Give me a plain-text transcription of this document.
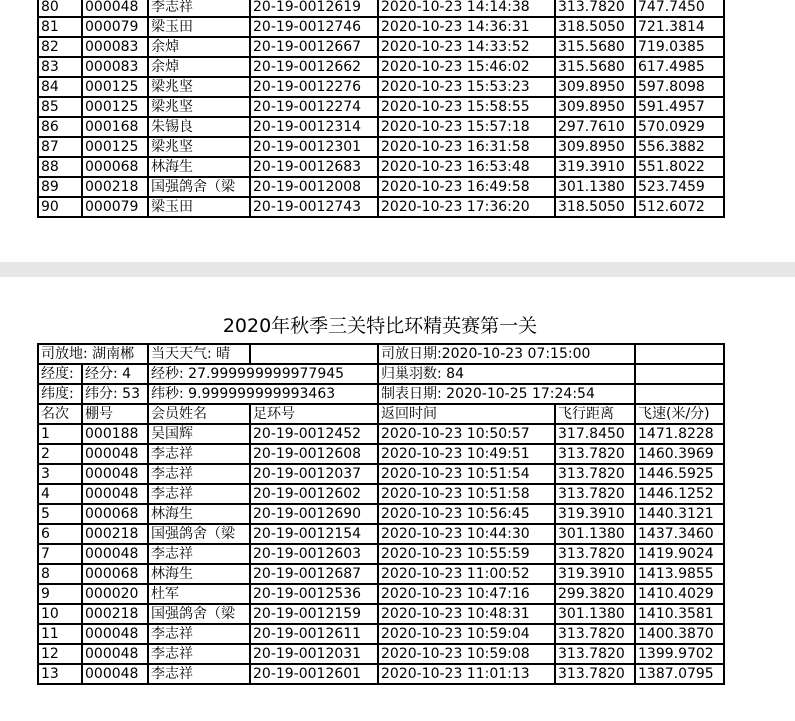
80	000048	李志祥	20-19-0012619	2020-10-23 14:14:38	313.7820	747.7450
81	000079	梁玉田	20-19-0012746	2020-10-23 14:36:31	318.5050	721.3814
82	000083	余焯	20-19-0012667	2020-10-23 14:33:52	315.5680	719.0385
83	000083	余焯	20-19-0012662	2020-10-23 15:46:02	315.5680	617.4985
84	000125	梁兆坚	20-19-0012276	2020-10-23 15:53:23	309.8950	597.8098
85	000125	梁兆坚	20-19-0012274	2020-10-23 15:58:55	309.8950	591.4957
86	000168	朱锡良	20-19-0012314	2020-10-23 15:57:18	297.7610	570.0929
87	000125	梁兆坚	20-19-0012301	2020-10-23 16:31:58	309.8950	556.3882
88	000068	林海生	20-19-0012683	2020-10-23 16:53:48	319.3910	551.8022
89	000218	国强鸽舍（梁	20-19-0012008	2020-10-23 16:49:58	301.1380	523.7459
90	000079	梁玉田	20-19-0012743	2020-10-23 17:36:20	318.5050	512.6072
2020年秋季三关特比环精英赛第一关
司放地: 湖南郴		当天天气: 晴		司放日期:2020-10-23 07:15:00		
经度:	经分: 4	经秒: 27.999999999977945		归巢羽数: 84		
纬度:	纬分: 53	纬秒: 9.999999999993463		制表日期: 2020-10-25 17:24:54		
名次	棚号	会员姓名	足环号	返回时间	飞行距离	飞速(米/分)
1	000188	吴国辉	20-19-0012452	2020-10-23 10:50:57	317.8450	1471.8228
2	000048	李志祥	20-19-0012608	2020-10-23 10:49:51	313.7820	1460.3969
3	000048	李志祥	20-19-0012037	2020-10-23 10:51:54	313.7820	1446.5925
4	000048	李志祥	20-19-0012602	2020-10-23 10:51:58	313.7820	1446.1252
5	000068	林海生	20-19-0012690	2020-10-23 10:56:45	319.3910	1440.3121
6	000218	国强鸽舍（梁	20-19-0012154	2020-10-23 10:44:30	301.1380	1437.3460
7	000048	李志祥	20-19-0012603	2020-10-23 10:55:59	313.7820	1419.9024
8	000068	林海生	20-19-0012687	2020-10-23 11:00:52	319.3910	1413.9855
9	000020	杜军	20-19-0012536	2020-10-23 10:47:16	299.3820	1410.4029
10	000218	国强鸽舍（梁	20-19-0012159	2020-10-23 10:48:31	301.1380	1410.3581
11	000048	李志祥	20-19-0012611	2020-10-23 10:59:04	313.7820	1400.3870
12	000048	李志祥	20-19-0012031	2020-10-23 10:59:08	313.7820	1399.9702
13	000048	李志祥	20-19-0012601	2020-10-23 11:01:13	313.7820	1387.0795
